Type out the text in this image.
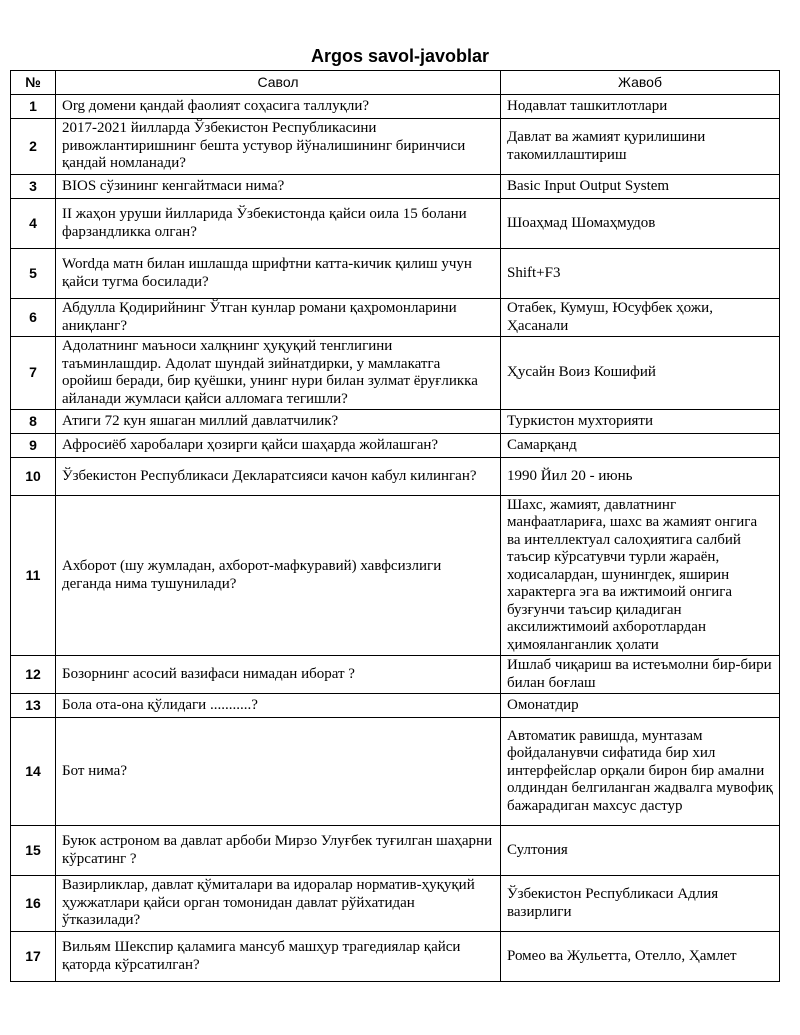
Argos savol-javoblar
№	Савол	Жавоб
1	Org домени қандай фаолият соҳасига таллуқли?	Нодавлат ташкитлотлари
2	2017-2021 йилларда Ўзбекистон Республикасини ривожлантиришнинг бешта устувор йўналишининг биринчиси қандай номланади?	Давлат ва жамият қурилишини такомиллаштириш
3	BIOS сўзининг кенгайтмаси нима?	Basic Input Output System
4	II жаҳон уруши йилларида Ўзбекистонда қайси оила 15 болани фарзандликка олган?	Шоаҳмад Шомаҳмудов
5	Wordда матн билан ишлашда шрифтни катта-кичик қилиш учун қайси тугма босилади?	Shift+F3
6	Абдулла Қодирийнинг Ўтган кунлар романи қаҳромонларини аниқланг?	Отабек, Кумуш, Юсуфбек ҳожи, Ҳасанали
7	Адолатнинг маъноси халқнинг ҳуқуқий тенглигини таъминлашдир. Адолат шундай зийнатдирки, у мамлакатга оройиш беради, бир қуёшки, унинг нури билан зулмат ёруғликка айланади жумласи қайси алломага тегишли?	Ҳусайн Воиз Кошифий
8	Атиги 72 кун яшаган миллий давлатчилик?	Туркистон мухторияти
9	Афросиёб харобалари ҳозирги қайси шаҳарда жойлашган?	Самарқанд
10	Ўзбекистон Республикаси Декларатсияси качон кабул килинган?	1990 Йил 20 - июнь
11	Ахборот (шу жумладан, ахборот-мафкуравий) хавфсизлиги деганда нима тушунилади?	Шахс, жамият, давлатнинг манфаатлариға, шахс ва жамият онгига ва интеллектуал салоҳиятига салбий таъсир кўрсатувчи турли жараён, ходисалардан, шунингдек, яширин характерга эга ва ижтимоий онгига бузғунчи таъсир қиладиган аксилижтимоий ахборотлардан ҳимояланганлик ҳолати
12	Бозорнинг асосий вазифаси нимадан иборат ?	Ишлаб чиқариш ва истеъмолни бир-бири билан боғлаш
13	Бола ота-она қўлидаги ...........?	Омонатдир
14	Бот нима?	Автоматик равишда, мунтазам фойдаланувчи сифатида бир хил интерфейслар орқали бирон бир амални олдиндан белгиланган жадвалга мувофиқ бажарадиган махсус дастур
15	Буюк астроном ва давлат арбоби Мирзо Улуғбек туғилган шаҳарни кўрсатинг ?	Султония
16	Вазирликлар, давлат қўмиталари ва идоралар норматив-ҳуқуқий ҳужжатлари қайси орган томонидан давлат рўйхатидан ўтказилади?	Ўзбекистон Республикаси Адлия вазирлиги
17	Вильям Шекспир қаламига мансуб машҳур трагедиялар қайси қаторда кўрсатилган?	Ромео ва Жульетта, Отелло, Ҳамлет
